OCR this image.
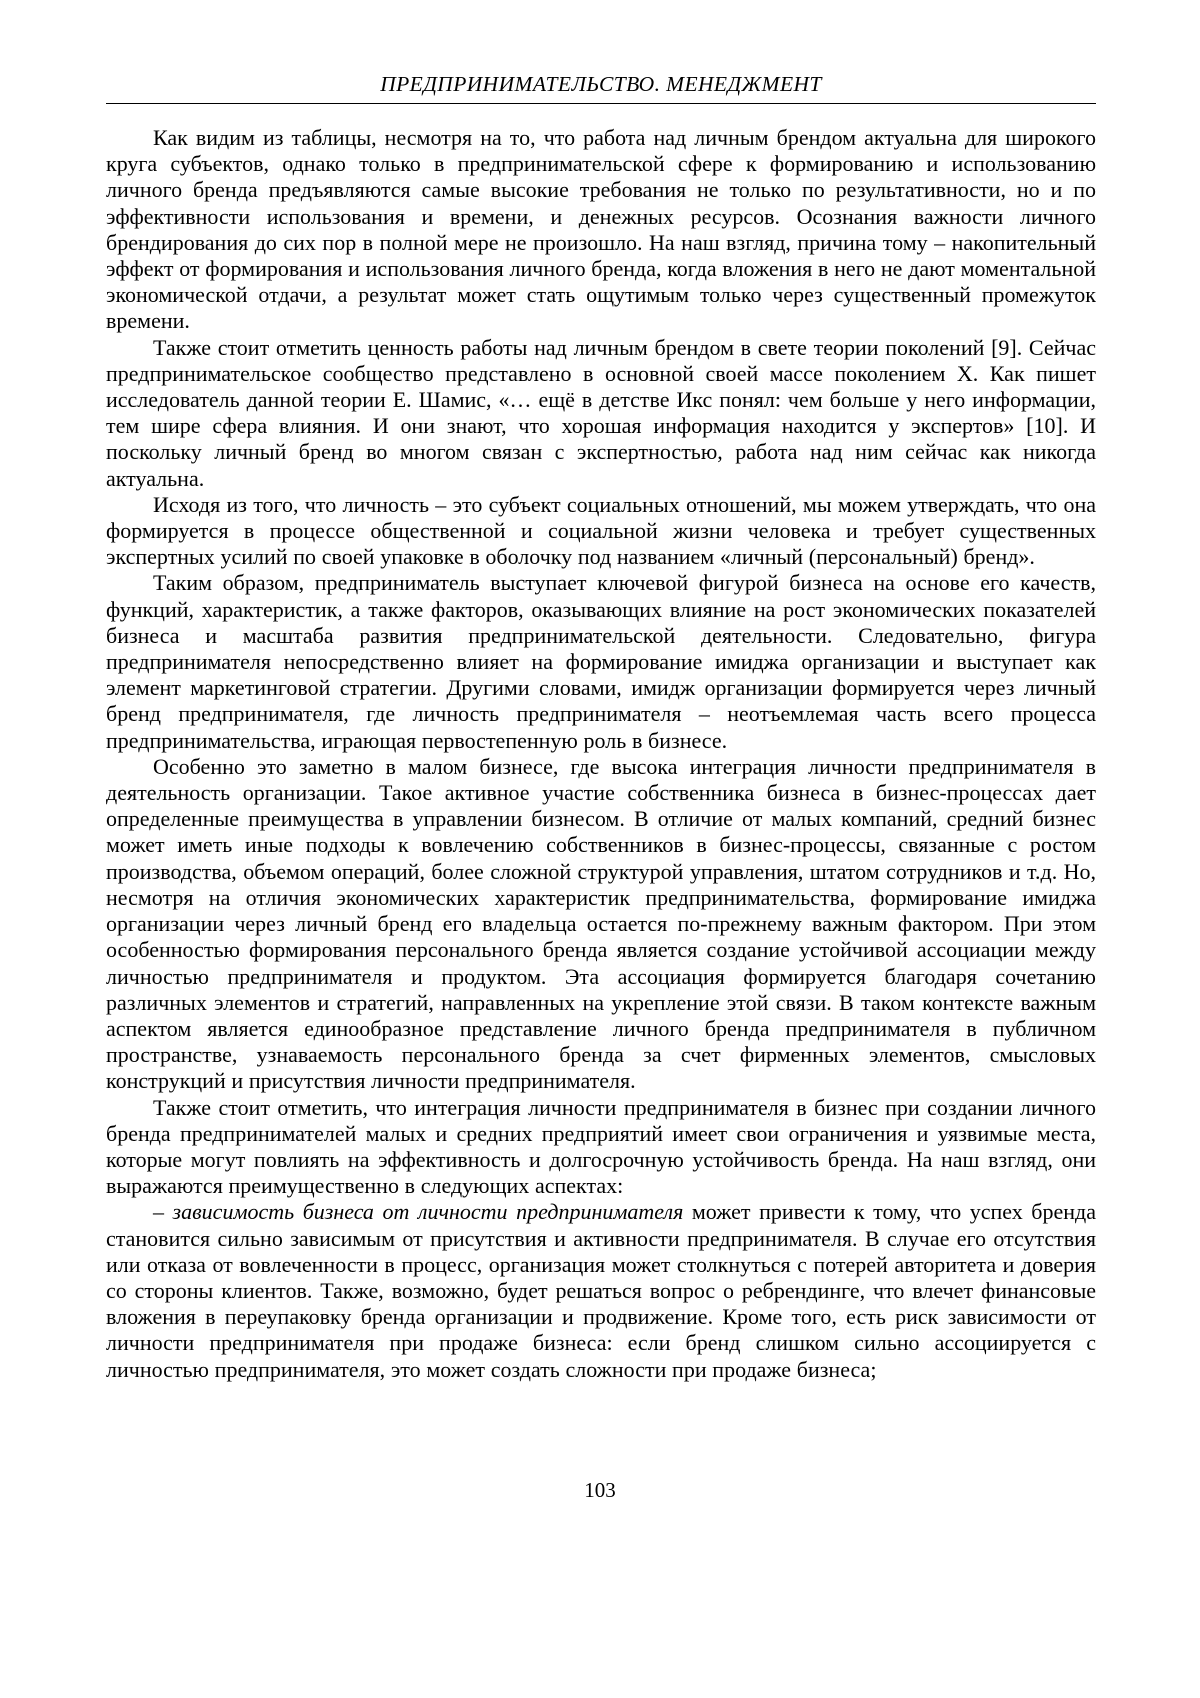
ПРЕДПРИНИМАТЕЛЬСТВО. МЕНЕДЖМЕНТ

Как видим из таблицы, несмотря на то, что работа над личным брендом актуальна для широкого круга субъектов, однако только в предпринимательской сфере к формированию и использованию личного бренда предъявляются самые высокие требования не только по результативности, но и по эффективности использования и времени, и денежных ресурсов. Осознания важности личного брендирования до сих пор в полной мере не произошло. На наш взгляд, причина тому – накопительный эффект от формирования и использования личного бренда, когда вложения в него не дают моментальной экономической отдачи, а результат может стать ощутимым только через существенный промежуток времени.

Также стоит отметить ценность работы над личным брендом в свете теории поколений [9]. Сейчас предпринимательское сообщество представлено в основной своей массе поколением X. Как пишет исследователь данной теории Е. Шамис, «… ещё в детстве Икс понял: чем больше у него информации, тем шире сфера влияния. И они знают, что хорошая информация находится у экспертов» [10]. И поскольку личный бренд во многом связан с экспертностью, работа над ним сейчас как никогда актуальна.

Исходя из того, что личность – это субъект социальных отношений, мы можем утверждать, что она формируется в процессе общественной и социальной жизни человека и требует существенных экспертных усилий по своей упаковке в оболочку под названием «личный (персональный) бренд».

Таким образом, предприниматель выступает ключевой фигурой бизнеса на основе его качеств, функций, характеристик, а также факторов, оказывающих влияние на рост экономических показателей бизнеса и масштаба развития предпринимательской деятельности. Следовательно, фигура предпринимателя непосредственно влияет на формирование имиджа организации и выступает как элемент маркетинговой стратегии. Другими словами, имидж организации формируется через личный бренд предпринимателя, где личность предпринимателя – неотъемлемая часть всего процесса предпринимательства, играющая первостепенную роль в бизнесе.

Особенно это заметно в малом бизнесе, где высока интеграция личности предпринимателя в деятельность организации. Такое активное участие собственника бизнеса в бизнес-процессах дает определенные преимущества в управлении бизнесом. В отличие от малых компаний, средний бизнес может иметь иные подходы к вовлечению собственников в бизнес-процессы, связанные с ростом производства, объемом операций, более сложной структурой управления, штатом сотрудников и т.д. Но, несмотря на отличия экономических характеристик предпринимательства, формирование имиджа организации через личный бренд его владельца остается по-прежнему важным фактором. При этом особенностью формирования персонального бренда является создание устойчивой ассоциации между личностью предпринимателя и продуктом. Эта ассоциация формируется благодаря сочетанию различных элементов и стратегий, направленных на укрепление этой связи. В таком контексте важным аспектом является единообразное представление личного бренда предпринимателя в публичном пространстве, узнаваемость персонального бренда за счет фирменных элементов, смысловых конструкций и присутствия личности предпринимателя.

Также стоит отметить, что интеграция личности предпринимателя в бизнес при создании личного бренда предпринимателей малых и средних предприятий имеет свои ограничения и уязвимые места, которые могут повлиять на эффективность и долгосрочную устойчивость бренда. На наш взгляд, они выражаются преимущественно в следующих аспектах:

– зависимость бизнеса от личности предпринимателя может привести к тому, что успех бренда становится сильно зависимым от присутствия и активности предпринимателя. В случае его отсутствия или отказа от вовлеченности в процесс, организация может столкнуться с потерей авторитета и доверия со стороны клиентов. Также, возможно, будет решаться вопрос о ребрендинге, что влечет финансовые вложения в переупаковку бренда организации и продвижение. Кроме того, есть риск зависимости от личности предпринимателя при продаже бизнеса: если бренд слишком сильно ассоциируется с личностью предпринимателя, это может создать сложности при продаже бизнеса;

103
